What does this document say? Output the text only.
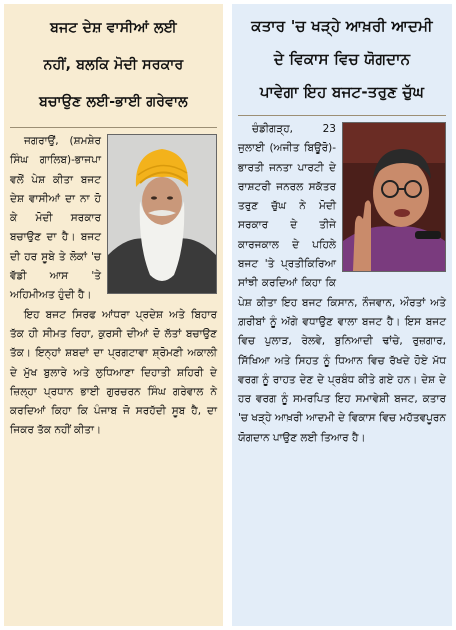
ਬਜਟ ਦੇਸ਼ ਵਾਸੀਆਂ ਲਈ
ਨਹੀਂ, ਬਲਕਿ ਮੋਦੀ ਸਰਕਾਰ
ਬਚਾਉਣ ਲਈ-ਭਾਈ ਗਰੇਵਾਲ

ਜਗਰਾਉਂ, (ਸ਼ਮਸ਼ੇਰ ਸਿੰਘ ਗਾਲਿਬ)-ਭਾਜਪਾ ਵਲੋਂ ਪੇਸ਼ ਕੀਤਾ ਬਜਟ ਦੇਸ਼ ਵਾਸੀਆਂ ਦਾ ਨਾ ਹੋ ਕੇ ਮੋਦੀ ਸਰਕਾਰ ਬਚਾਉਣ ਦਾ ਹੈ। ਬਜਟ ਦੀ ਹਰ ਸੂਬੇ ਤੇ ਲੋਕਾਂ 'ਚ ਵੱਡੀ ਆਸ 'ਤੇ ਅਹਿਮੀਅਤ ਹੁੰਦੀ ਹੈ।

ਇਹ ਬਜਟ ਸਿਰਫ ਆਂਧਰਾ ਪ੍ਰਦੇਸ਼ ਅਤੇ ਬਿਹਾਰ ਤੱਕ ਹੀ ਸੀਮਤ ਰਿਹਾ, ਕੁਰਸੀ ਦੀਆਂ ਦੋ ਲੱਤਾਂ ਬਚਾਉਣ ਤੱਕ। ਇਨ੍ਹਾਂ ਸ਼ਬਦਾਂ ਦਾ ਪ੍ਰਗਟਾਵਾ ਸ਼੍ਰੋਮਣੀ ਅਕਾਲੀ ਦੇ ਮੁੱਖ ਬੁਲਾਰੇ ਅਤੇ ਲੁਧਿਆਣਾ ਦਿਹਾਤੀ ਸ਼ਹਿਰੀ ਦੇ ਜ਼ਿਲ੍ਹਾ ਪ੍ਰਧਾਨ ਭਾਈ ਗੁਰਚਰਨ ਸਿੰਘ ਗਰੇਵਾਲ ਨੇ ਕਰਦਿਆਂ ਕਿਹਾ ਕਿ ਪੰਜਾਬ ਜੋ ਸਰਹੱਦੀ ਸੂਬ ਹੈ, ਦਾ ਜਿਕਰ ਤੱਕ ਨਹੀਂ ਕੀਤਾ।

ਕਤਾਰ 'ਚ ਖੜ੍ਹੇ ਆਖ਼ਰੀ ਆਦਮੀ
ਦੇ ਵਿਕਾਸ ਵਿਚ ਯੋਗਦਾਨ
ਪਾਵੇਗਾ ਇਹ ਬਜਟ-ਤਰੁਣ ਚੁੱਘ

ਚੰਡੀਗੜ੍ਹ, 23 ਜੁਲਾਈ (ਅਜੀਤ ਬਿਊਰੋ)- ਭਾਰਤੀ ਜਨਤਾ ਪਾਰਟੀ ਦੇ ਰਾਸ਼ਟਰੀ ਜਨਰਲ ਸਕੱਤਰ ਤਰੁਣ ਚੁੱਘ ਨੇ ਮੋਦੀ ਸਰਕਾਰ ਦੇ ਤੀਜੇ ਕਾਰਜਕਾਲ ਦੇ ਪਹਿਲੇ ਬਜਟ 'ਤੇ ਪ੍ਰਤੀਕਿਰਿਆ ਸਾਂਝੀ ਕਰਦਿਆਂ ਕਿਹਾ ਕਿ ਪੇਸ਼ ਕੀਤਾ ਇਹ ਬਜਟ ਕਿਸਾਨ, ਨੌਜਵਾਨ, ਔਰਤਾਂ ਅਤੇ ਗ਼ਰੀਬਾਂ ਨੂੰ ਅੱਗੇ ਵਧਾਉਣ ਵਾਲਾ ਬਜਟ ਹੈ। ਇਸ ਬਜਟ ਵਿਚ ਪੁਲਾੜ, ਰੇਲਵੇ, ਬੁਨਿਆਦੀ ਢਾਂਚੇ, ਰੁਜ਼ਗਾਰ, ਸਿੱਖਿਆ ਅਤੇ ਸਿਹਤ ਨੂੰ ਧਿਆਨ ਵਿਚ ਰੱਖਦੇ ਹੋਏ ਮੱਧ ਵਰਗ ਨੂੰ ਰਾਹਤ ਦੇਣ ਦੇ ਪ੍ਰਬੰਧ ਕੀਤੇ ਗਏ ਹਨ। ਦੇਸ਼ ਦੇ ਹਰ ਵਰਗ ਨੂੰ ਸਮਰਪਿਤ ਇਹ ਸਮਾਵੇਸ਼ੀ ਬਜਟ, ਕਤਾਰ 'ਚ ਖੜ੍ਹੇ ਆਖ਼ਰੀ ਆਦਮੀ ਦੇ ਵਿਕਾਸ ਵਿਚ ਮਹੱਤਵਪੂਰਨ ਯੋਗਦਾਨ ਪਾਉਣ ਲਈ ਤਿਆਰ ਹੈ।
